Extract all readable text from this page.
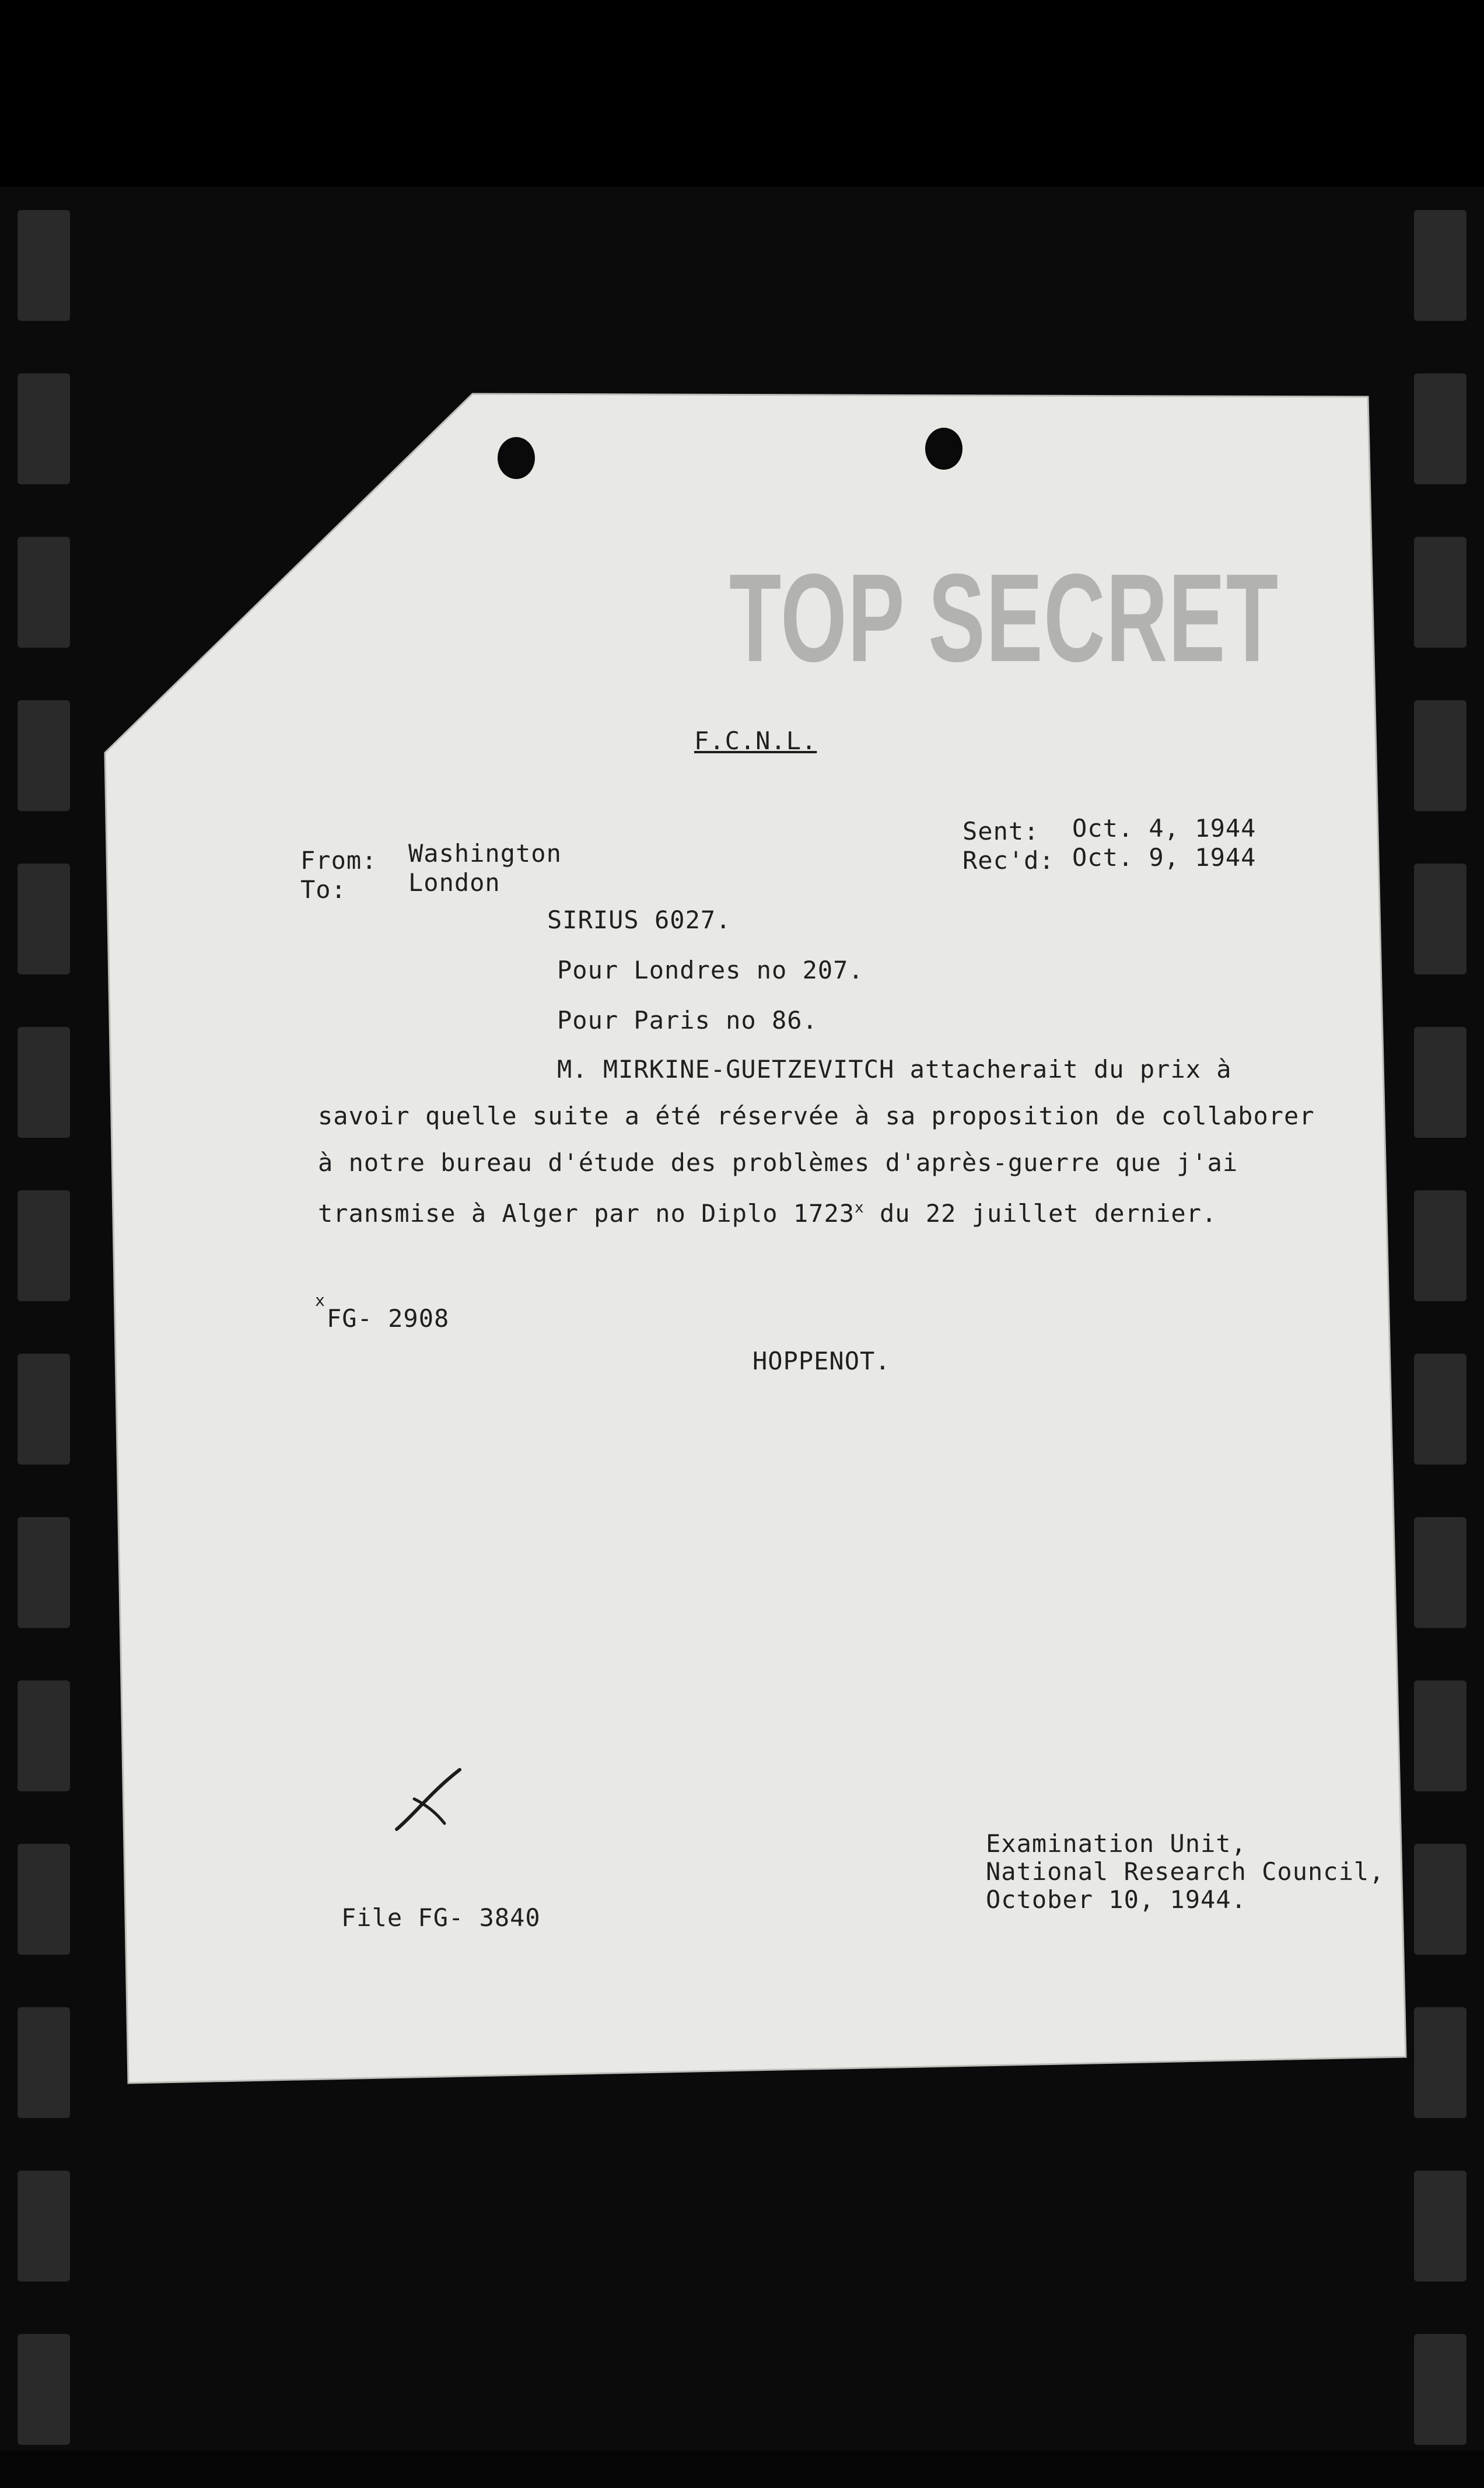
TOP SECRET
F.C.N.L.
From: Washington
To:	London
Sent: Oct. 4, 1944
Rec'd: Oct. 9, 1944
SIRIUS 6027.
Pour Londres no 207.
Pour Paris no 86.
M. MIRKINE-GUETZEVITCH attacherait du prix à
savoir quelle suite a été réservée à sa proposition de collaborer
à notre bureau d'étude des problèmes d'après-guerre que j'ai
transmise à Alger par no Diplo 1723$^x$ du 22 juillet dernier.
x
FG- 2908
HOPPENOT.
Examination Unit,
National Research Council,
October 10, 1944.
File FG- 3840
